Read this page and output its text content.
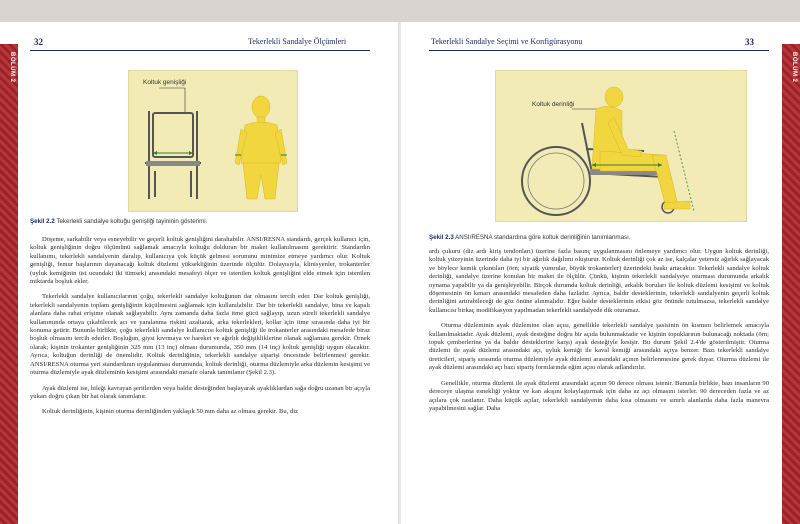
32	Tekerlekli Sandalye Ölçümleri
Koltuk genişliği
Şekil 2.2 Tekerlekli sandalye koltuğu genişliği tayininin gösterimi.

Döşeme, sarkabilir veya esneyebilir ve geçerli koltuk genişliğini daraltabilir. ANSI/RESNA standardı, gerçek kullanıcı için, koltuk genişliğinin doğru ölçümünü sağlamak amacıyla koltuğu dolduran bir maket kullanılmasını gerektirir. Standardın kullanımı, tekerlekli sandalyenin daralıp, kullanıcıya çok küçük gelmesi sorununu minimize etmeye yardımcı olur. Koltuk genişliği, femur başlarının dayanacağı koltuk düzlemi yüksekliğinin üzerinde ölçülür. Dolayısıyla, klinisyenler, trokanterler (uyluk kemiğinin üst ucundaki iki tümsek) arasındaki mesafeyi ölçer ve istenilen koltuk genişliğini elde etmek için istenilen miktarda boşluk ekler.

Tekerlekli sandalye kullanıcılarının çoğu, tekerlekli sandalye koltuğunun dar olmasını tercih eder. Dar koltuk genişliği, tekerlekli sandalyenin toplam genişliğinin küçülmesini sağlamak için kullanılabilir. Dar bir tekerlekli sandalye, bina ve kapalı alanlara daha rahat erişime olanak sağlayabilir. Aynı zamanda daha fazla itme gücü sağlayıp, uzun süreli tekerlekli sandalye kullanımında ortaya çıkabilecek acı ve yaralanma riskini azaltarak, arka tekerlekleri, kollar için itme sırasında daha iyi bir konuma getirir. Bununla birlikte, çoğu tekerlekli sandalye kullanıcısı koltuk genişliği ile trokanterler arasındaki mesafede biraz boşluk olmasını tercih ederler. Boşluğun, giysi kıvrmaya ve hareket ve ağırlık değişikliklerine olanak sağlaması gerekir. Örnek olarak; kişinin trokanter genişliğinin 325 mm (13 inç) olması durumunda, 350 mm (14 inç) koltuk genişliği uygun olacaktır. Ayrıca, koltuğun derinliği de önemlidir. Koltuk derinliğinin, tekerlekli sandalye siparişi öncesinde belirlenmesi gerekir. ANSI/RESNA oturma yeri standardının uygulanması durumunda, koltuk derinliği, oturma düzlemiyle arka düzlemin kesişimi ve oturma düzlemiyle ayak düzleminin kesişimi arasındaki mesafe olarak tanımlanır (Şekil 2.3).

Ayak düzlemi ise, bileği kavrayan şeritlerden veya baldır desteğinden başlayarak ayaklıklardan sağa doğru uzanan bir açıyla yukarı doğru çıkan bir hat olarak tanımlanır.

Koltuk derinliğinin, kişinin oturma derinliğinden yaklaşık 50 mm daha az olması gerekir. Bu, diz

BÖLÜM 2
Tekerlekli Sandalye Seçimi ve Konfigürasyonu	33
Koltuk derinliği
Şekil 2.3 ANSI/RESNA standardına göre koltuk derinliğinin tanımlanması.

ardı çukuru (diz ardı kiriş tendonları) üzerine fazla basınç uygulanmasını önlemeye yardımcı olur. Uygun koltuk derinliği, koltuk yüzeyinin üzerinde daha iyi bir ağırlık dağılımı oluşturur. Koltuk derinliği çok az ise, kalçalar yetersiz ağırlık sağlayacak ve böylece kemik çıkıntıları (örn; siyatik yumrular, büyük trokanterler) üzerindeki baskı artacaktır. Tekerlekli sandalye koltuk derinliği, sandalye üzerine konulan bir maket ile ölçülür. Çünkü, kişinin tekerlekli sandalyeye oturması durumunda arkalık oynama yapabilir ya da genişleyebilir. Birçok durumda koltuk derinliği, arkalık boruları ile koltuk düzlemi kesişimi ve koltuk döşemesinin ön kenarı arasındaki mesafeden daha fazladır. Ayrıca, baldır desteklerinin, tekerlekli sandalyenin geçerli koltuk derinliğini artırabileceği de göz önüne alınmalıdır. Eğer baldır desteklerinin etkisi göz önünde tutulmazsa, tekerlekli sandalye kullanıcısı birkaç modifikasyon yapılmadan tekerlekli sandalyede dik oturamaz.

Oturma düzleminin ayak düzlemine olan açısı, genellikle tekerlekli sandalye şasisinin ön kısmını belirlemek amacıyla kullanılmaktadır. Ayak düzlemi, ayak desteğine doğru bir açıda bulunmaktadır ve kişinin topuklarının bulunacağı noktada (örn; topuk çemberlerine ya da baldır desteklerine karşı) ayak desteğiyle kesişir. Bu durum Şekil 2.4'de gösterilmiştir. Oturma düzlemi ile ayak düzlemi arasındaki açı, uyluk kemiği ile kaval kemiği arasındaki açıya benzer. Bazı tekerlekli sandalye üreticileri, sipariş sırasında oturma düzlemiyle ayak düzlemi arasındaki açının belirlenmesine gerek duyar. Oturma düzlemi ile ayak düzlemi arasındaki açı bazı sipariş formlarında eğim açısı olarak adlandırılır.

Genellikle, oturma düzlemi ile ayak düzlemi arasındaki açının 90 derece olması istenir. Bununla birlikte, bazı insanların 90 dereceye ulaşma esnekliği yoktur ve kan akışını kolaylaştırmak için daha az açı olmasını isterler. 90 dereceden fazla ve az açılara çok rastlanır. Daha küçük açılar, tekerlekli sandalyenin daha kısa olmasını ve sınırlı alanlarda daha fazla manevra yapabilmesini sağlar. Daha

BÖLÜM 2
